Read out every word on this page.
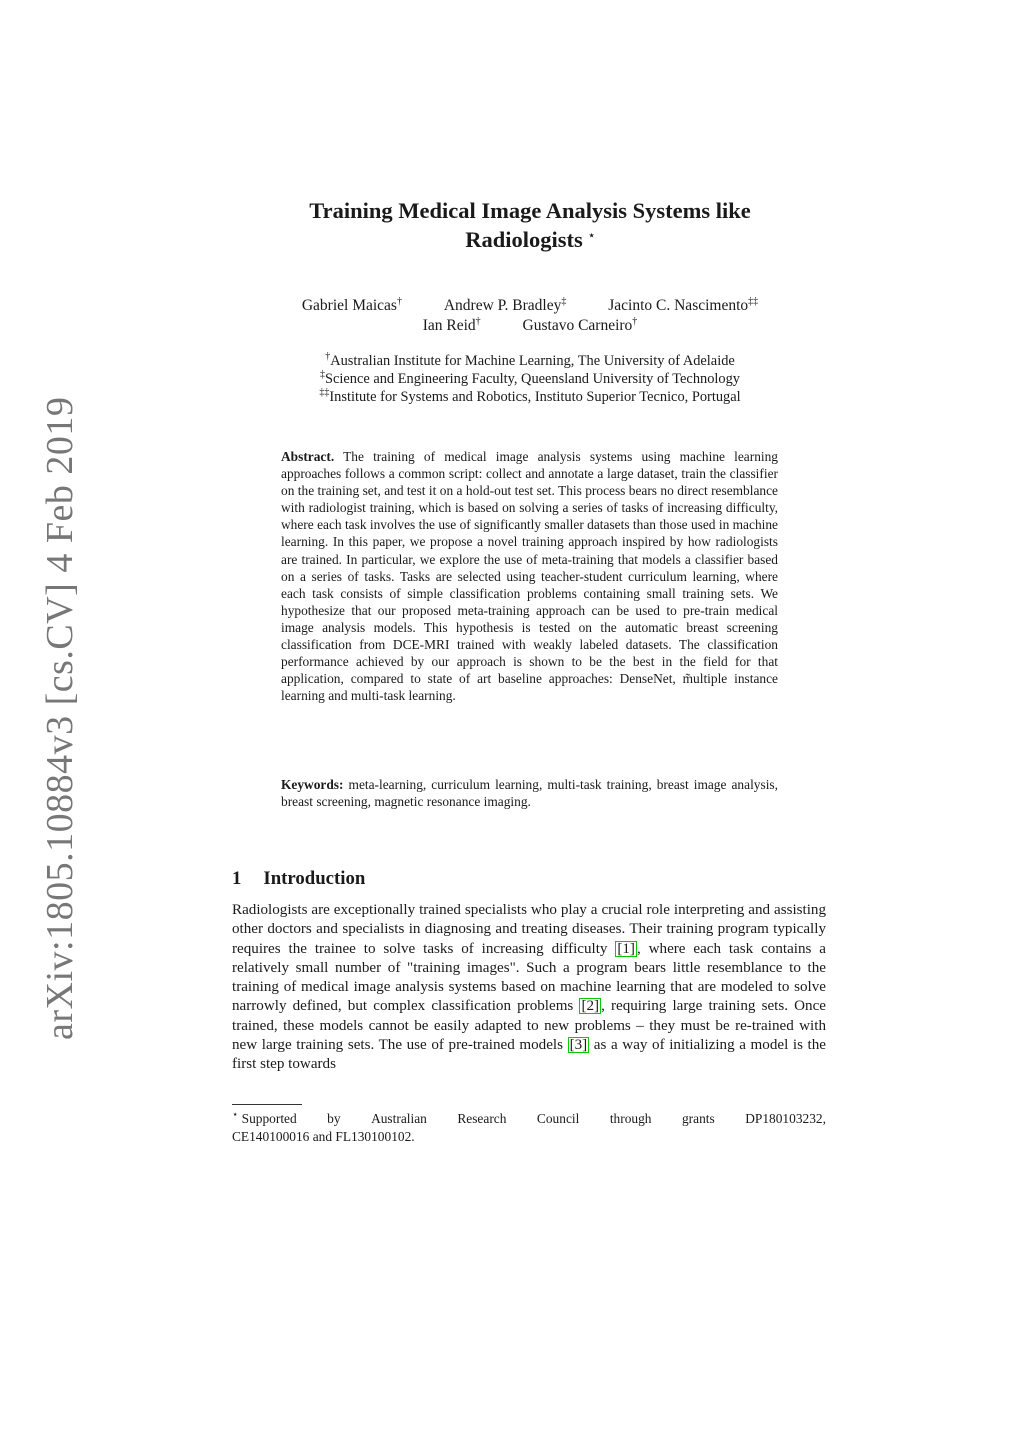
arXiv:1805.10884v3 [cs.CV] 4 Feb 2019
Training Medical Image Analysis Systems like
Radiologists ⋆
Gabriel Maicas†	Andrew P. Bradley‡	Jacinto C. Nascimento‡‡
Ian Reid†	Gustavo Carneiro†
†Australian Institute for Machine Learning, The University of Adelaide
‡Science and Engineering Faculty, Queensland University of Technology
‡‡Institute for Systems and Robotics, Instituto Superior Tecnico, Portugal
Abstract. The training of medical image analysis systems using machine learning approaches follows a common script: collect and annotate a large dataset, train the classifier on the training set, and test it on a hold-out test set. This process bears no direct resemblance with radiologist training, which is based on solving a series of tasks of increasing difficulty, where each task involves the use of significantly smaller datasets than those used in machine learning. In this paper, we propose a novel training approach inspired by how radiologists are trained. In particular, we explore the use of meta-training that models a classifier based on a series of tasks. Tasks are selected using teacher-student curriculum learning, where each task consists of simple classification problems containing small training sets. We hypothesize that our proposed meta-training approach can be used to pre-train medical image analysis models. This hypothesis is tested on the automatic breast screening classification from DCE-MRI trained with weakly labeled datasets. The classification performance achieved by our approach is shown to be the best in the field for that application, compared to state of art baseline approaches: DenseNet, m̃ultiple instance learning and multi-task learning.
Keywords: meta-learning, curriculum learning, multi-task training, breast image analysis, breast screening, magnetic resonance imaging.
1 Introduction
Radiologists are exceptionally trained specialists who play a crucial role interpreting and assisting other doctors and specialists in diagnosing and treating diseases. Their training program typically requires the trainee to solve tasks of increasing difficulty [1] , where each task contains a relatively small number of "training images". Such a program bears little resemblance to the training of medical image analysis systems based on machine learning that are modeled to solve narrowly defined, but complex classification problems [2] , requiring large training sets. Once trained, these models cannot be easily adapted to new problems – they must be re-trained with new large training sets. The use of pre-trained models [3] as a way of initializing a model is the first step towards
⋆ Supported by Australian Research Council through grants DP180103232,
CE140100016 and FL130100102.
